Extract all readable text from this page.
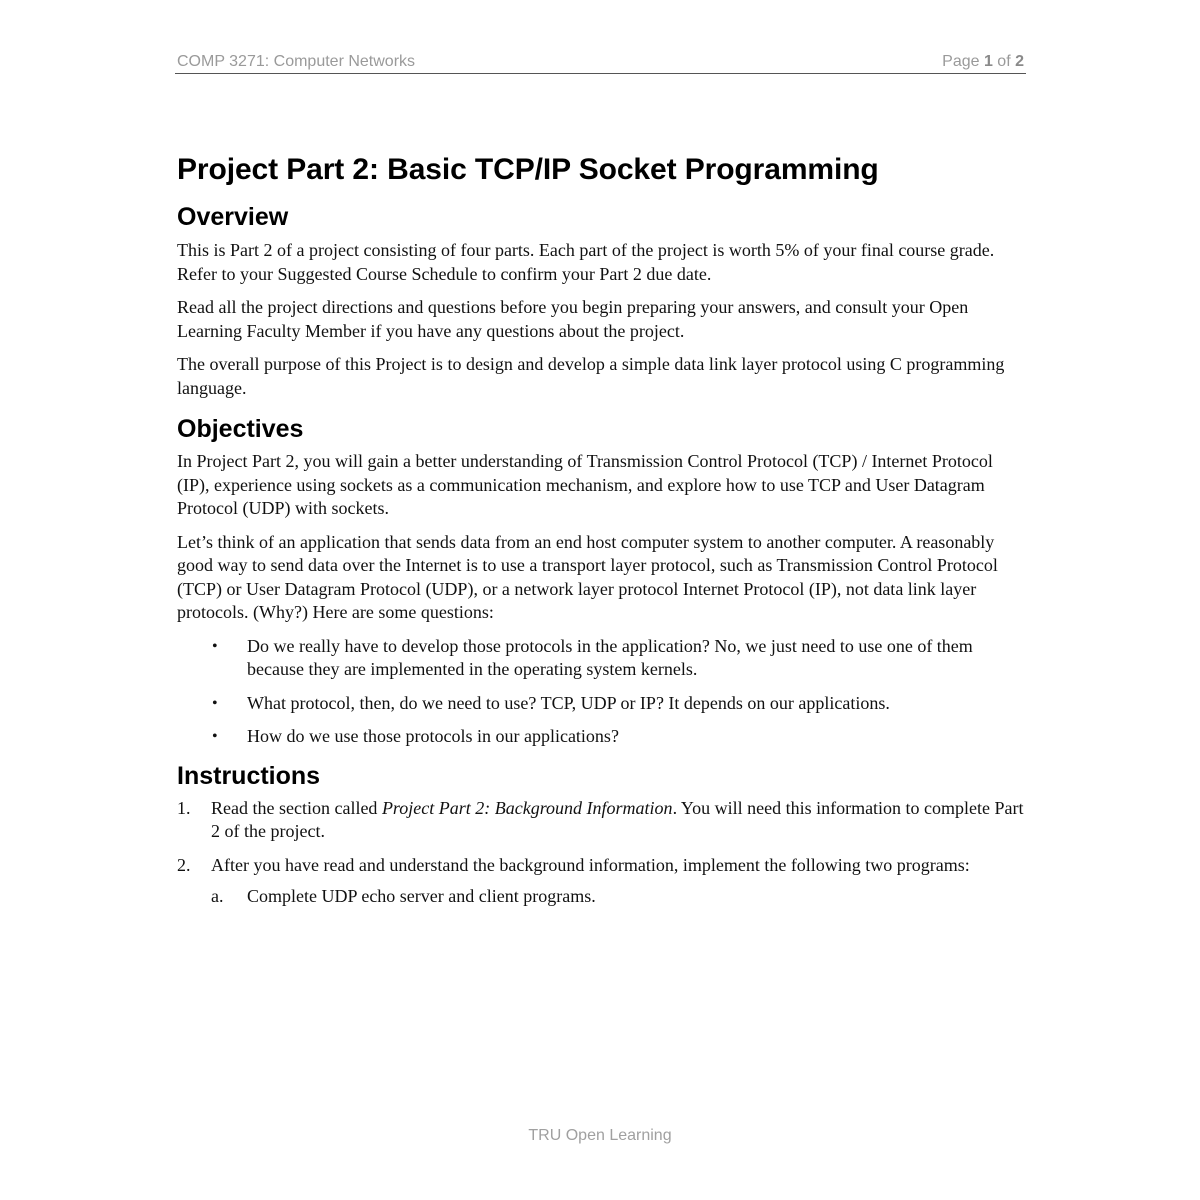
COMP 3271: Computer Networks	Page 1 of 2
Project Part 2: Basic TCP/IP Socket Programming
Overview

This is Part 2 of a project consisting of four parts. Each part of the project is worth 5% of your final course grade. Refer to your Suggested Course Schedule to confirm your Part 2 due date.

Read all the project directions and questions before you begin preparing your answers, and consult your Open Learning Faculty Member if you have any questions about the project.

The overall purpose of this Project is to design and develop a simple data link layer protocol using C programming language.

Objectives

In Project Part 2, you will gain a better understanding of Transmission Control Protocol (TCP) / Internet Protocol (IP), experience using sockets as a communication mechanism, and explore how to use TCP and User Datagram Protocol (UDP) with sockets.

Let’s think of an application that sends data from an end host computer system to another computer. A reasonably good way to send data over the Internet is to use a transport layer protocol, such as Transmission Control Protocol (TCP) or User Datagram Protocol (UDP), or a network layer protocol Internet Protocol (IP), not data link layer protocols. (Why?) Here are some questions:

• Do we really have to develop those protocols in the application? No, we just need to use one of them because they are implemented in the operating system kernels.
• What protocol, then, do we need to use? TCP, UDP or IP? It depends on our applications.
• How do we use those protocols in our applications?
Instructions
1. Read the section called Project Part 2: Background Information. You will need this information to complete Part 2 of the project.
2. After you have read and understand the background information, implement the following two programs:
a. Complete UDP echo server and client programs.
TRU Open Learning
